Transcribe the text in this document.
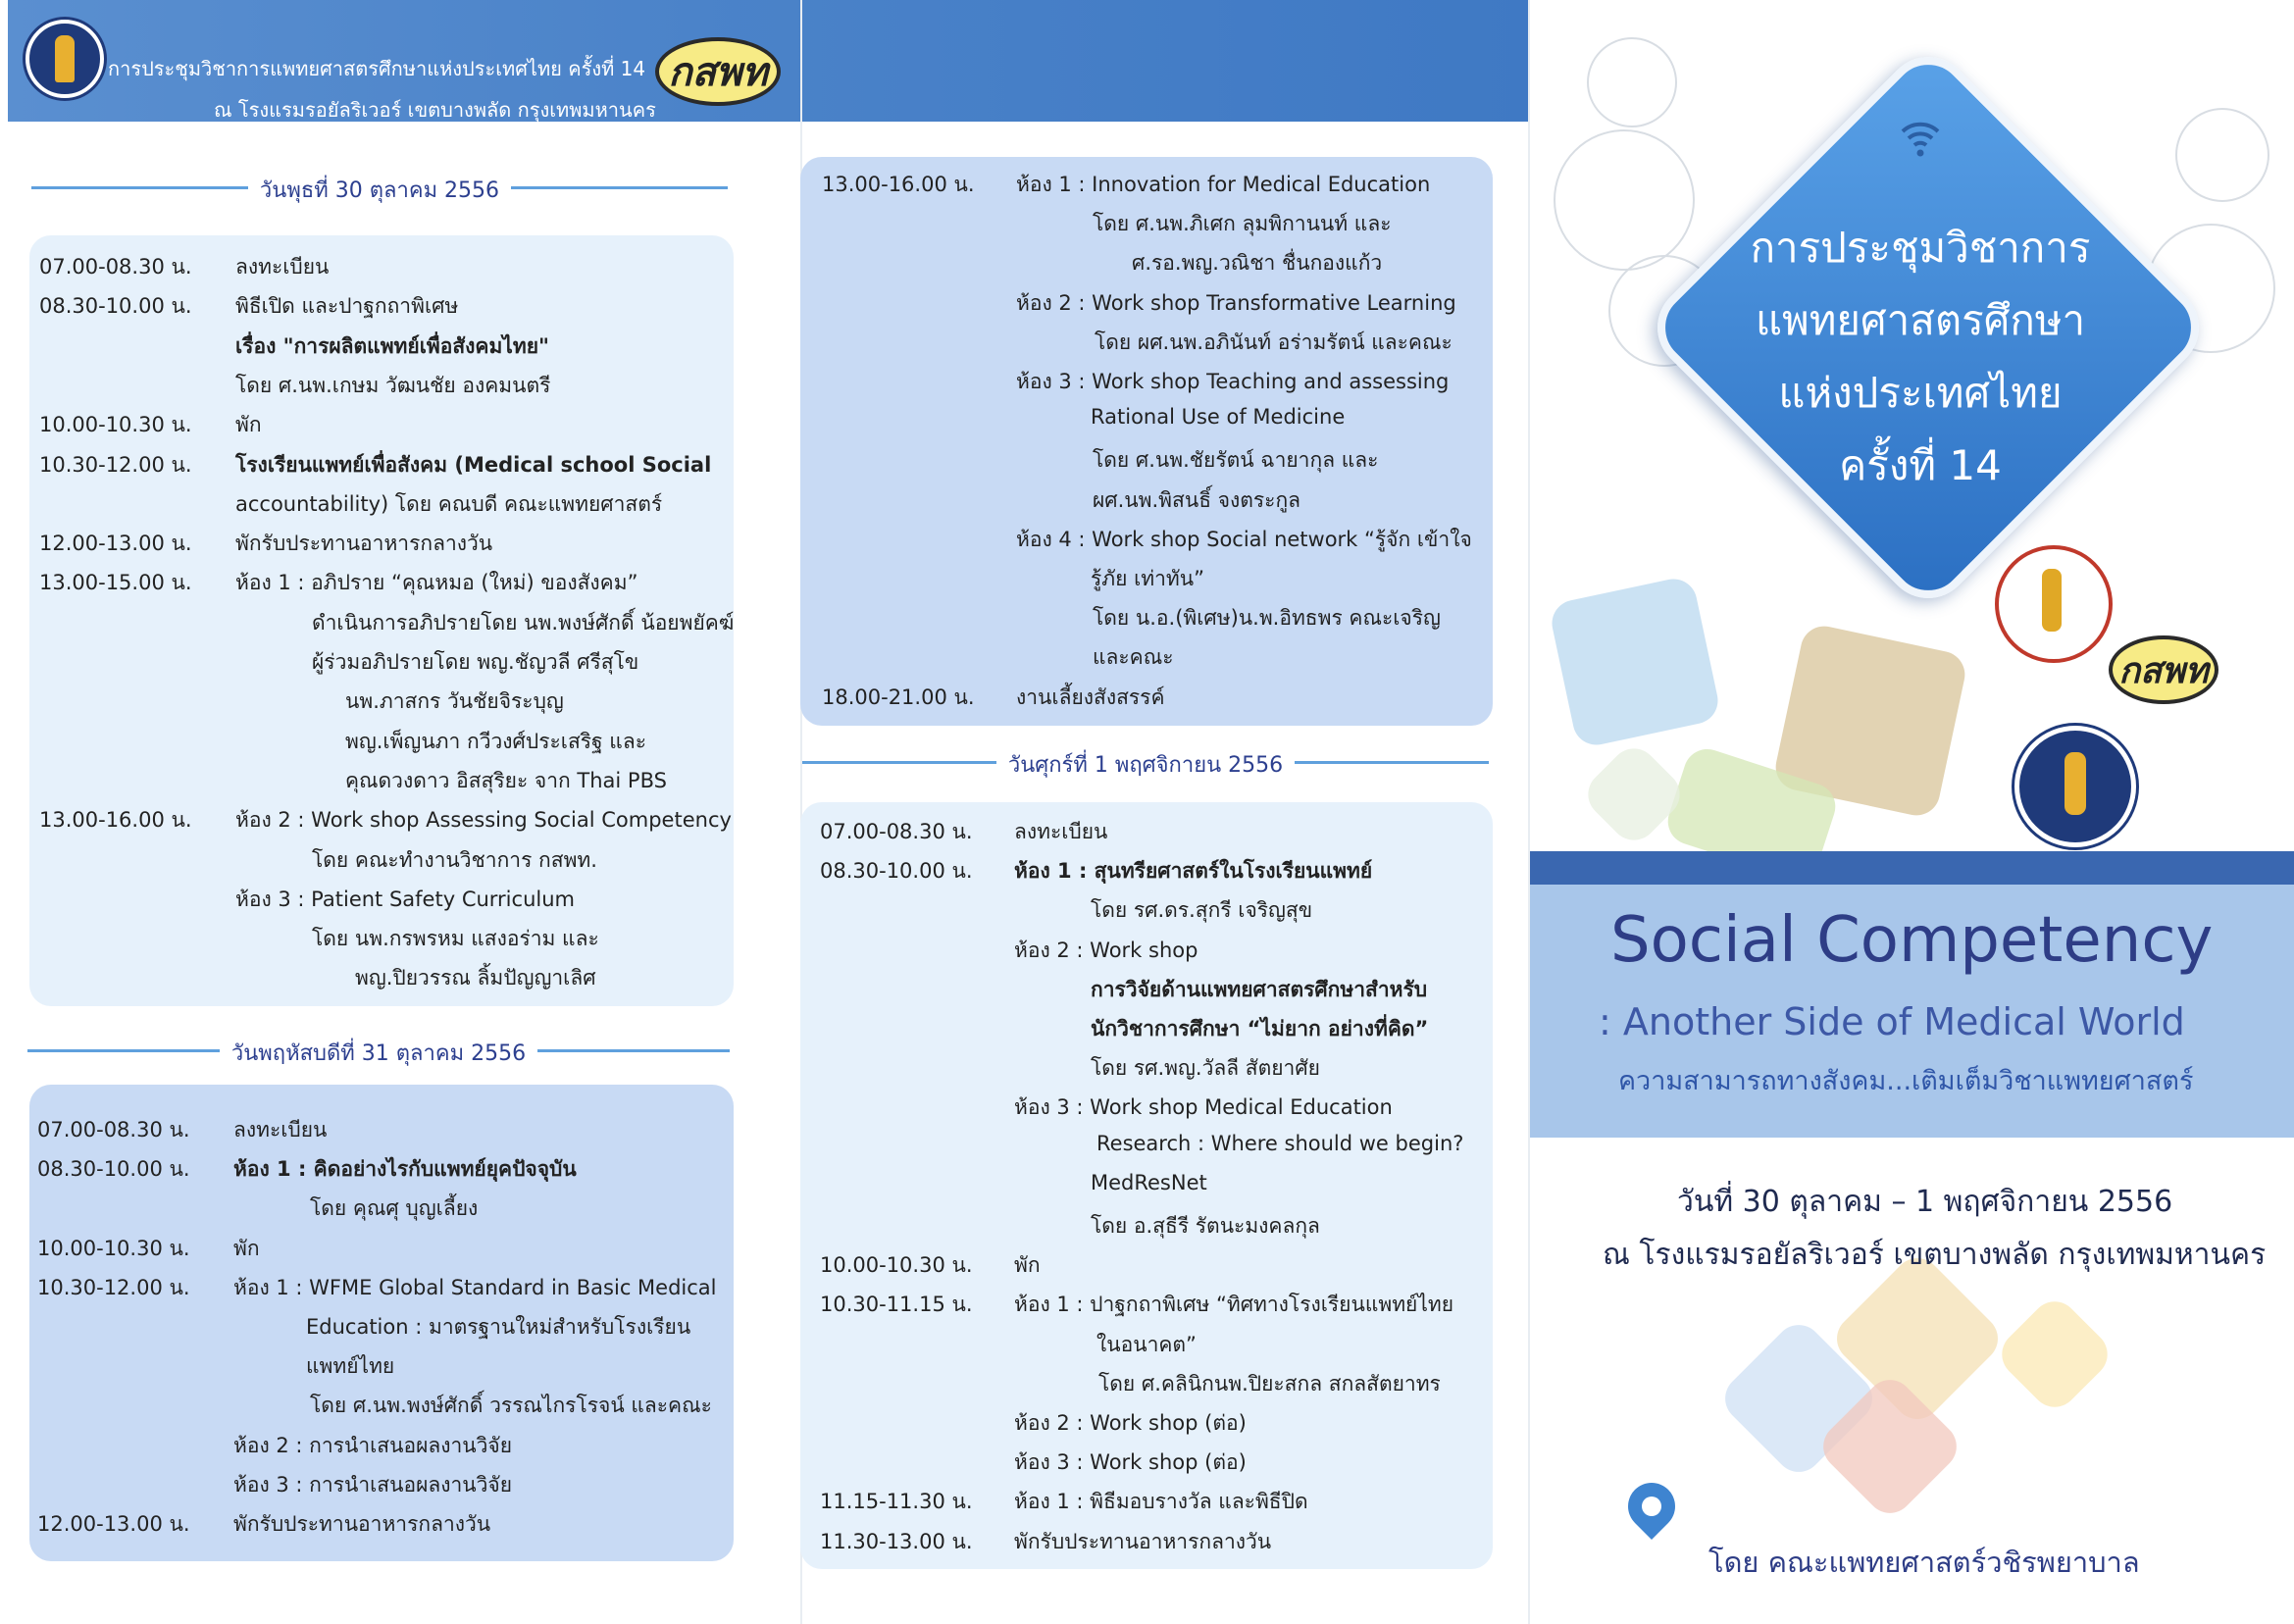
การประชุมวิชาการแพทยศาสตรศึกษาแห่งประเทศไทย ครั้งที่ 14
ณ โรงแรมรอยัลริเวอร์ เขตบางพลัด กรุงเทพมหานคร
กสพท
วันพุธที่ 30 ตุลาคม 2556
07.00-08.30 น. ลงทะเบียน
08.30-10.00 น. พิธีเปิด และปาฐกถาพิเศษ
เรื่อง "การผลิตแพทย์เพื่อสังคมไทย"
โดย ศ.นพ.เกษม วัฒนชัย องคมนตรี
10.00-10.30 น. พัก
10.30-12.00 น. โรงเรียนแพทย์เพื่อสังคม (Medical school Social
accountability) โดย คณบดี คณะแพทยศาสตร์
12.00-13.00 น. พักรับประทานอาหารกลางวัน
13.00-15.00 น. ห้อง 1 : อภิปราย “คุณหมอ (ใหม่) ของสังคม”
ดำเนินการอภิปรายโดย นพ.พงษ์ศักดิ์ น้อยพยัคฆ์
ผู้ร่วมอภิปรายโดย พญ.ชัญวลี ศรีสุโข
นพ.ภาสกร วันชัยจิระบุญ
พญ.เพ็ญนภา กวีวงศ์ประเสริฐ และ
คุณดวงดาว อิสสุริยะ จาก Thai PBS
13.00-16.00 น. ห้อง 2 : Work shop Assessing Social Competency
โดย คณะทำงานวิชาการ กสพท.
ห้อง 3 : Patient Safety Curriculum
โดย นพ.กรพรหม แสงอร่าม และ
พญ.ปิยวรรณ ลิ้มปัญญาเลิศ
วันพฤหัสบดีที่ 31 ตุลาคม 2556
07.00-08.30 น. ลงทะเบียน
08.30-10.00 น. ห้อง 1 : คิดอย่างไรกับแพทย์ยุคปัจจุบัน
โดย คุณศุ บุญเลี้ยง
10.00-10.30 น. พัก
10.30-12.00 น. ห้อง 1 : WFME Global Standard in Basic Medical
Education : มาตรฐานใหม่สำหรับโรงเรียน
แพทย์ไทย
โดย ศ.นพ.พงษ์ศักดิ์ วรรณไกรโรจน์ และคณะ
ห้อง 2 : การนำเสนอผลงานวิจัย
ห้อง 3 : การนำเสนอผลงานวิจัย
12.00-13.00 น. พักรับประทานอาหารกลางวัน
13.00-16.00 น. ห้อง 1 : Innovation for Medical Education
โดย ศ.นพ.ภิเศก ลุมพิกานนท์ และ
ศ.รอ.พญ.วณิชา ชื่นกองแก้ว
ห้อง 2 : Work shop Transformative Learning
โดย ผศ.นพ.อภินันท์ อร่ามรัตน์ และคณะ
ห้อง 3 : Work shop Teaching and assessing
Rational Use of Medicine
โดย ศ.นพ.ชัยรัตน์ ฉายากุล และ
ผศ.นพ.พิสนธิ์ จงตระกูล
ห้อง 4 : Work shop Social network “รู้จัก เข้าใจ
รู้ภัย เท่าทัน”
โดย น.อ.(พิเศษ)น.พ.อิทธพร คณะเจริญ
และคณะ
18.00-21.00 น. งานเลี้ยงสังสรรค์
วันศุกร์ที่ 1 พฤศจิกายน 2556
07.00-08.30 น. ลงทะเบียน
08.30-10.00 น. ห้อง 1 : สุนทรียศาสตร์ในโรงเรียนแพทย์
โดย รศ.ดร.สุกรี เจริญสุข
ห้อง 2 : Work shop
การวิจัยด้านแพทยศาสตรศึกษาสำหรับ
นักวิชาการศึกษา “ไม่ยาก อย่างที่คิด”
โดย รศ.พญ.วัลลี สัตยาศัย
ห้อง 3 : Work shop Medical Education
Research : Where should we begin?
MedResNet
โดย อ.สุธีรี รัตนะมงคลกุล
10.00-10.30 น. พัก
10.30-11.15 น. ห้อง 1 : ปาฐกถาพิเศษ “ทิศทางโรงเรียนแพทย์ไทย
ในอนาคต”
โดย ศ.คลินิกนพ.ปิยะสกล สกลสัตยาทร
ห้อง 2 : Work shop (ต่อ)
ห้อง 3 : Work shop (ต่อ)
11.15-11.30 น. ห้อง 1 : พิธีมอบรางวัล และพิธีปิด
11.30-13.00 น. พักรับประทานอาหารกลางวัน
การประชุมวิชาการ
แพทยศาสตรศึกษา
แห่งประเทศไทย
ครั้งที่ 14
กสพท
Social Competency
: Another Side of Medical World
ความสามารถทางสังคม...เติมเต็มวิชาแพทยศาสตร์
วันที่ 30 ตุลาคม – 1 พฤศจิกายน 2556
ณ โรงแรมรอยัลริเวอร์ เขตบางพลัด กรุงเทพมหานคร
โดย คณะแพทยศาสตร์วชิรพยาบาล
